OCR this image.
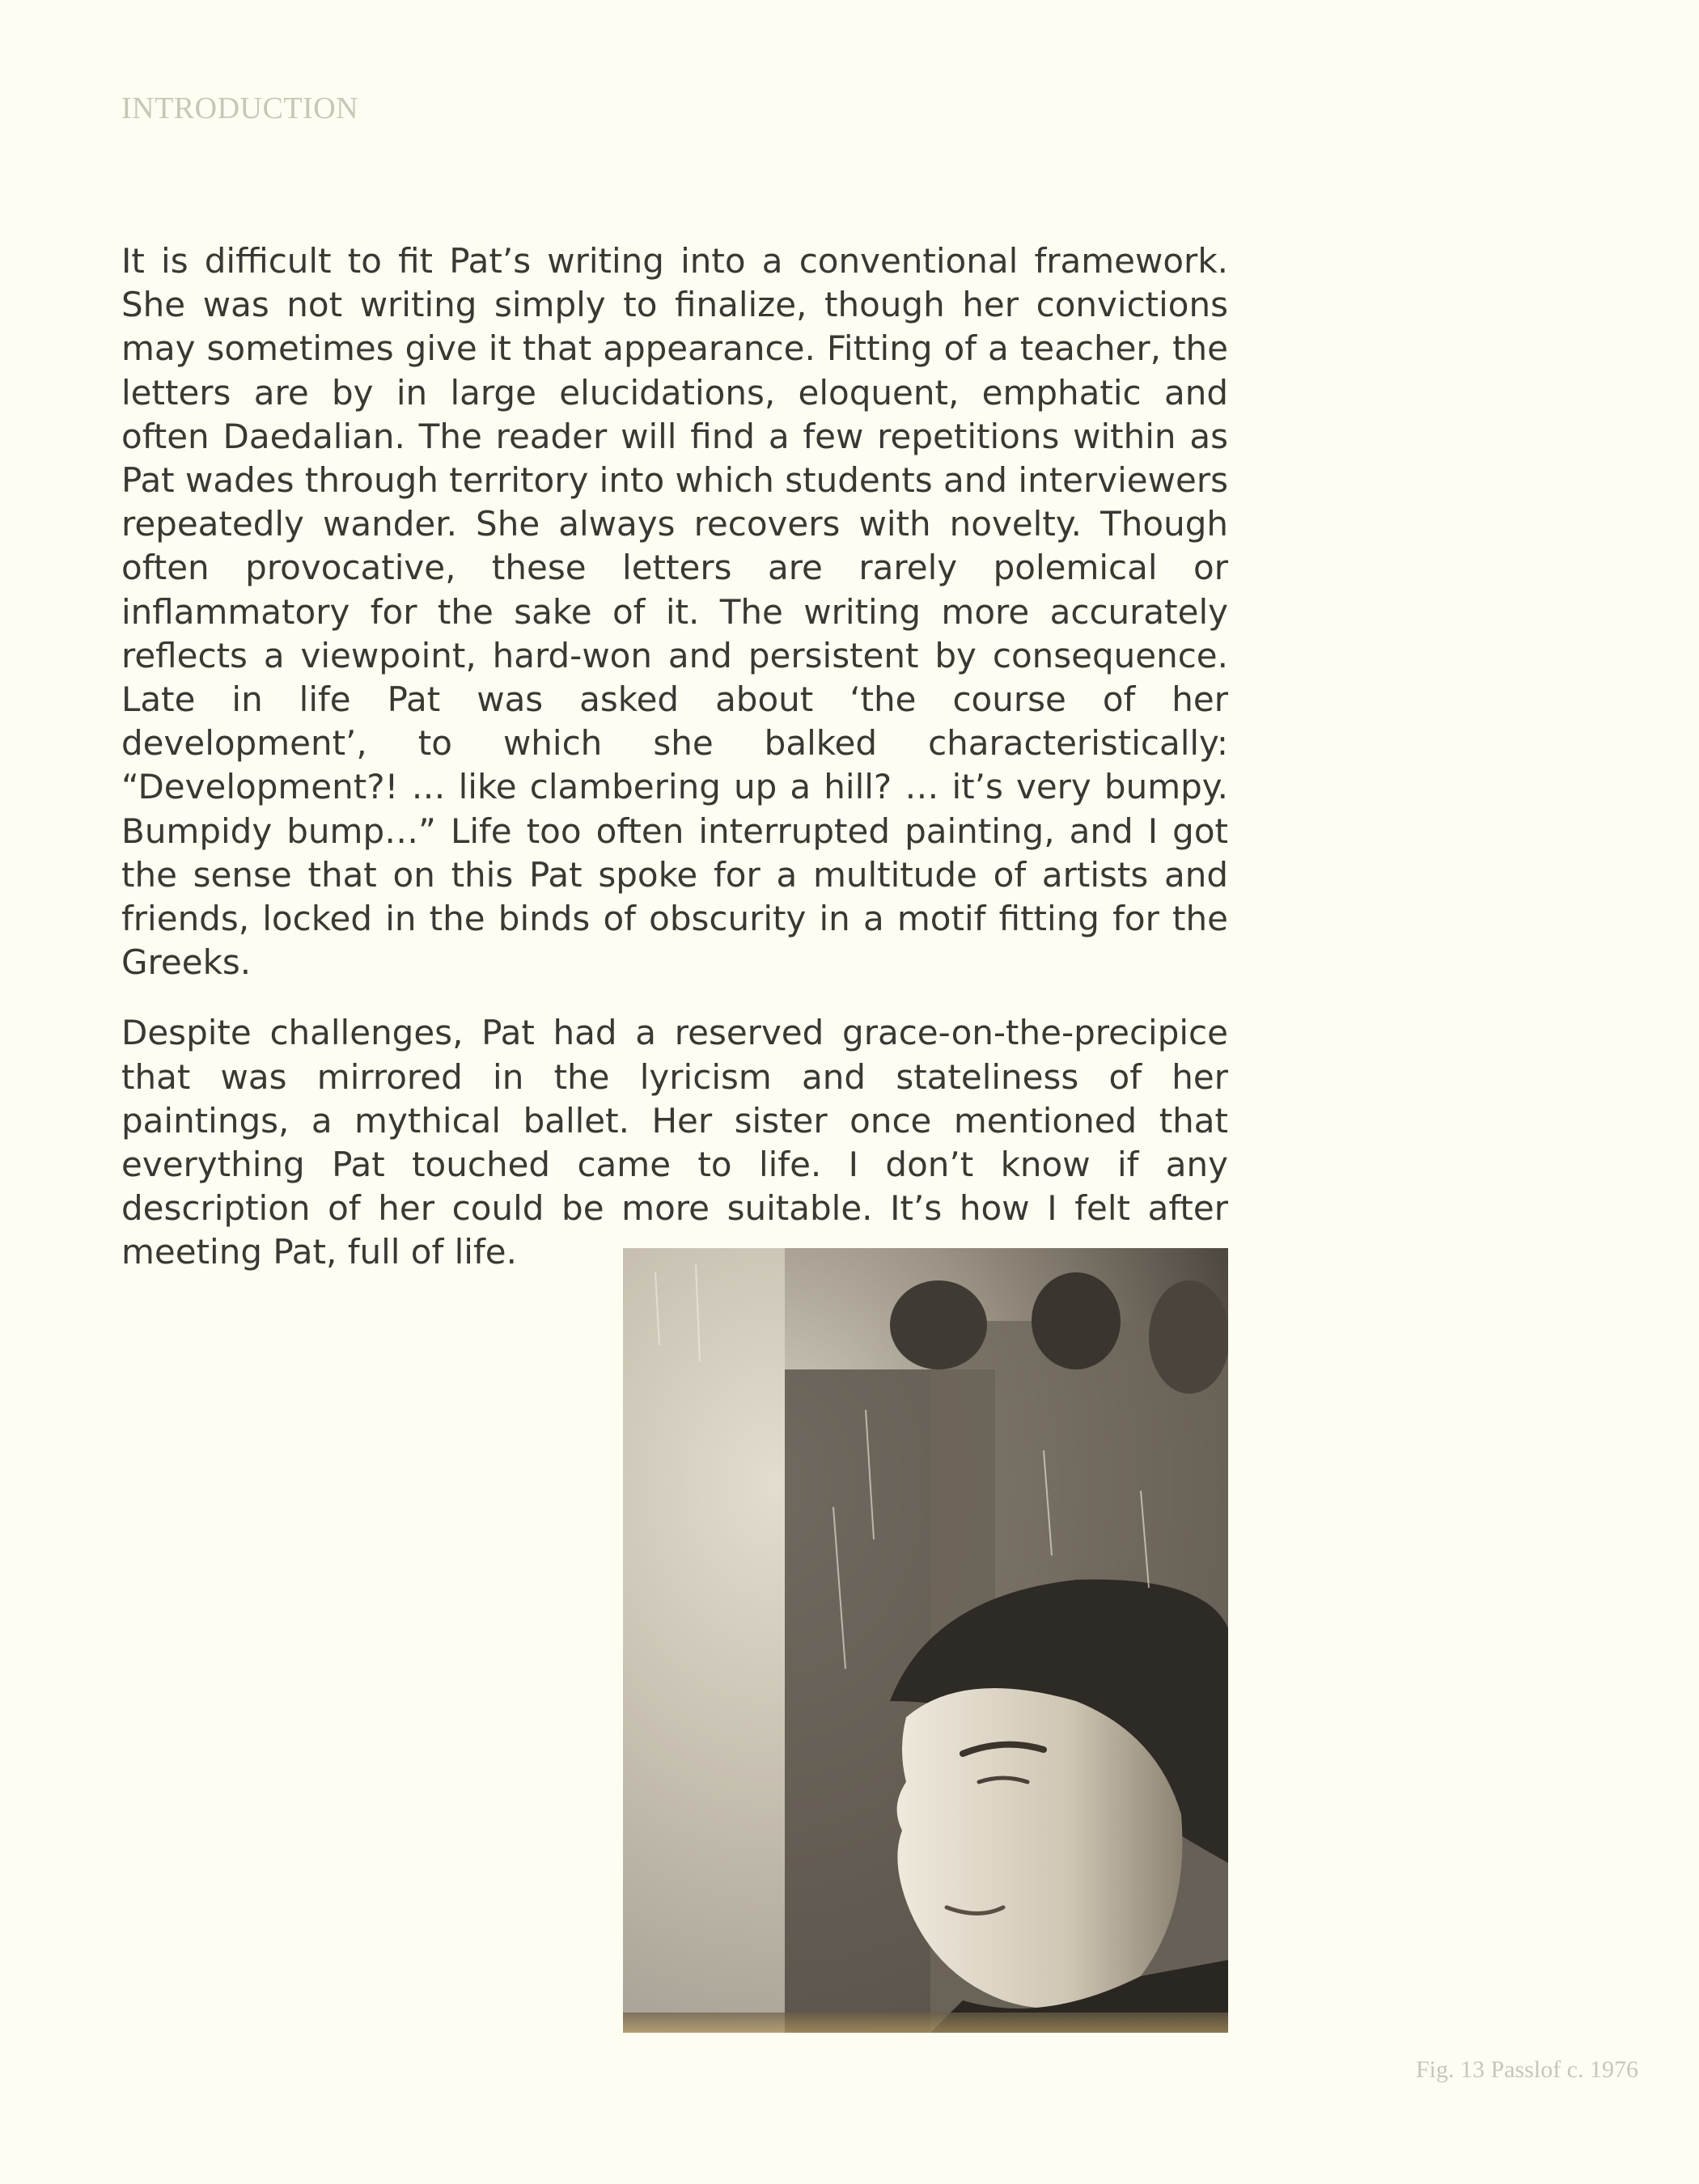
INTRODUCTION

It is difficult to fit Pat’s writing into a conventional framework. She was not writing simply to finalize, though her convictions may sometimes give it that appearance. Fitting of a teacher, the letters are by in large elucidations, eloquent, emphatic and often Daedalian. The reader will find a few repetitions within as Pat wades through territory into which students and interviewers repeatedly wander. She always recovers with novelty. Though often provocative, these letters are rarely polemical or inflammatory for the sake of it. The writing more accurately reflects a viewpoint, hard-won and persistent by consequence. Late in life Pat was asked about ‘the course of her development’, to which she balked characteristically: “Development?! … like clambering up a hill? … it’s very bumpy. Bumpidy bump…” Life too often interrupted painting, and I got the sense that on this Pat spoke for a multitude of artists and friends, locked in the binds of obscurity in a motif fitting for the Greeks.

Despite challenges, Pat had a reserved grace-on-the-precipice that was mirrored in the lyricism and stateliness of her paintings, a mythical ballet. Her sister once mentioned that everything Pat touched came to life. I don’t know if any description of her could be more suitable. It’s how I felt after meeting Pat, full of life.

Fig. 13 Passlof c. 1976
